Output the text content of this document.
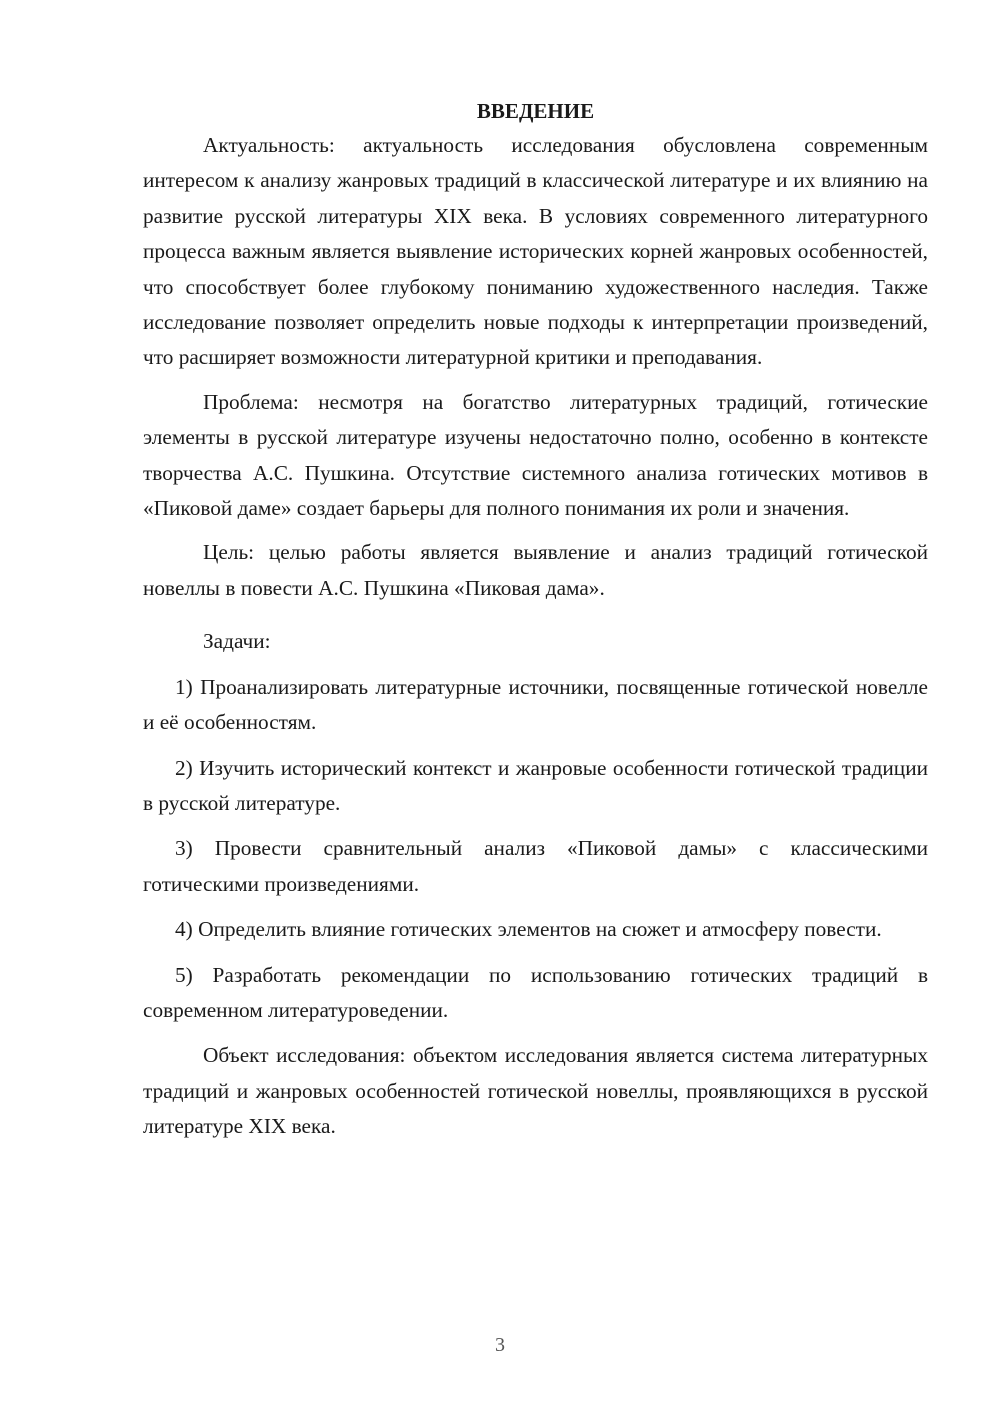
ВВЕДЕНИЕ

Актуальность: актуальность исследования обусловлена современным интересом к анализу жанровых традиций в классической литературе и их влиянию на развитие русской литературы XIX века. В условиях современного литературного процесса важным является выявление исторических корней жанровых особенностей, что способствует более глубокому пониманию художественного наследия. Также исследование позволяет определить новые подходы к интерпретации произведений, что расширяет возможности литературной критики и преподавания.

Проблема: несмотря на богатство литературных традиций, готические элементы в русской литературе изучены недостаточно полно, особенно в контексте творчества А.С. Пушкина. Отсутствие системного анализа готических мотивов в «Пиковой даме» создает барьеры для полного понимания их роли и значения.

Цель: целью работы является выявление и анализ традиций готической новеллы в повести А.С. Пушкина «Пиковая дама».

Задачи:

1) Проанализировать литературные источники, посвященные готической новелле и её особенностям.

2) Изучить исторический контекст и жанровые особенности готической традиции в русской литературе.

3) Провести сравнительный анализ «Пиковой дамы» с классическими готическими произведениями.

4) Определить влияние готических элементов на сюжет и атмосферу повести.

5) Разработать рекомендации по использованию готических традиций в современном литературоведении.

Объект исследования: объектом исследования является система литературных традиций и жанровых особенностей готической новеллы, проявляющихся в русской литературе XIX века.

3
